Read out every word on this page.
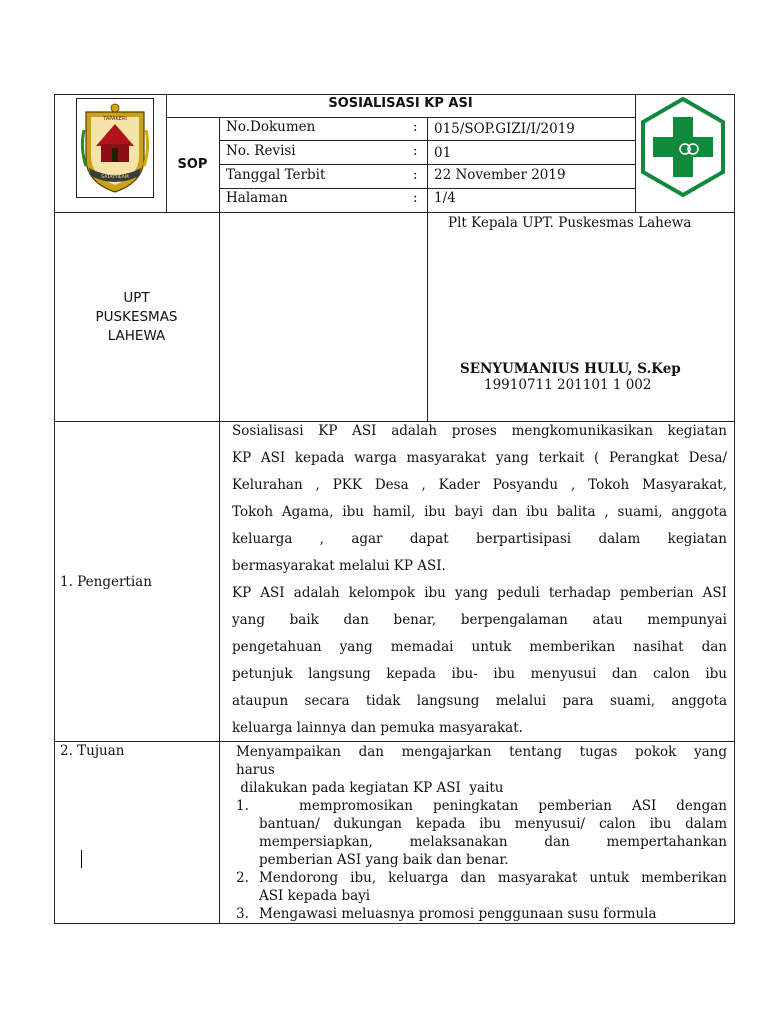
TAPAKERI
SATAYYIEAM
SOSIALISASI KP ASI
SOP
No.Dokumen	: 015/SOP.GIZI/I/2019
No. Revisi	: 01
Tanggal Terbit	: 22 November 2019
Halaman	: 1/4
UPT
PUSKESMAS
LAHEWA
Plt Kepala UPT. Puskesmas Lahewa
SENYUMANIUS HULU, S.Kep
19910711 201101 1 002
1. Pengertian
Sosialisasi KP ASI adalah proses mengkomunikasikan kegiatan
KP ASI kepada warga masyarakat yang terkait ( Perangkat Desa/
Kelurahan , PKK Desa , Kader Posyandu , Tokoh Masyarakat,
Tokoh Agama, ibu hamil, ibu bayi dan ibu balita , suami, anggota
keluarga , agar dapat berpartisipasi dalam kegiatan
bermasyarakat melalui KP ASI.
KP ASI adalah kelompok ibu yang peduli terhadap pemberian ASI
yang baik dan benar, berpengalaman atau mempunyai
pengetahuan yang memadai untuk memberikan nasihat dan
petunjuk langsung kepada ibu- ibu menyusui dan calon ibu
ataupun secara tidak langsung melalui para suami, anggota
keluarga lainnya dan pemuka masyarakat.
2. Tujuan	Menyampaikan dan mengajarkan tentang tugas pokok yang
harus
dilakukan pada kegiatan KP ASI  yaitu
1. mempromosikan peningkatan pemberian ASI dengan
bantuan/ dukungan kepada ibu menyusui/ calon ibu dalam
mempersiapkan,   melaksanakan   dan   mempertahankan
pemberian ASI yang baik dan benar.
2. Mendorong ibu, keluarga dan masyarakat untuk memberikan
ASI kepada bayi
3. Mengawasi meluasnya promosi penggunaan susu formula
